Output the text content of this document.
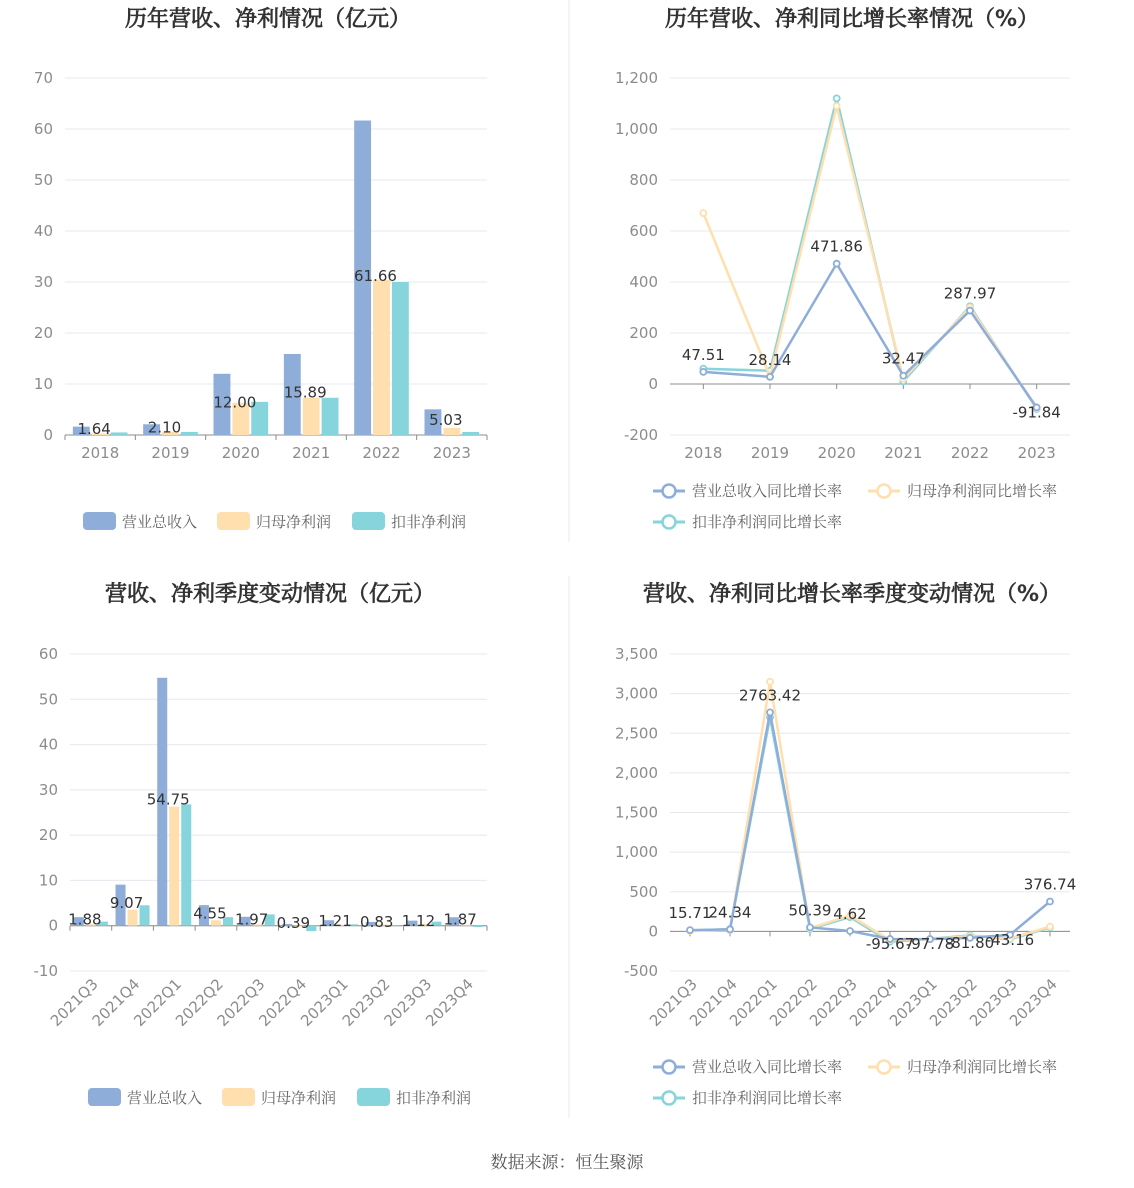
数据来源：恒生聚源
历年营收、净利情况（亿元）
0
10
20
30
40
50
60
70
2018 2019 2020 2021 2022 2023
1.64 2.10
12.00
15.89
61.66
5.03
营业总收入	归母净利润	扣非净利润
历年营收、净利同比增长率情况（%）
-200
0
200
400
600
800
1,000
1,200
2018 2019 2020 2021 2022 2023
47.51 28.14
471.86
32.47
287.97
-91.84
营业总收入同比增长率	归母净利润同比增长率
扣非净利润同比增长率
营收、净利季度变动情况（亿元）
-10
0
10
20
30
40
50
60
2021Q3
2021Q4
2022Q1
2022Q2
2022Q3
2022Q4
2023Q1
2023Q2
2023Q3
2023Q4
1.88
9.07
54.75
4.55 1.97 0.39 1.21 0.83 1.12 1.87
营业总收入	归母净利润	扣非净利润
营收、净利同比增长率季度变动情况（%）
-500
0
500
1,000
1,500
2,000
2,500
3,000
3,500
2021Q3
2021Q4
2022Q1
2022Q2
2022Q3
2022Q4
2023Q1
2023Q2
2023Q3
2023Q4
15.71
24.34
2763.42
50.39 4.62
-95.67
-97.78
-81.80
-43.16
376.74
营业总收入同比增长率	归母净利润同比增长率
扣非净利润同比增长率
